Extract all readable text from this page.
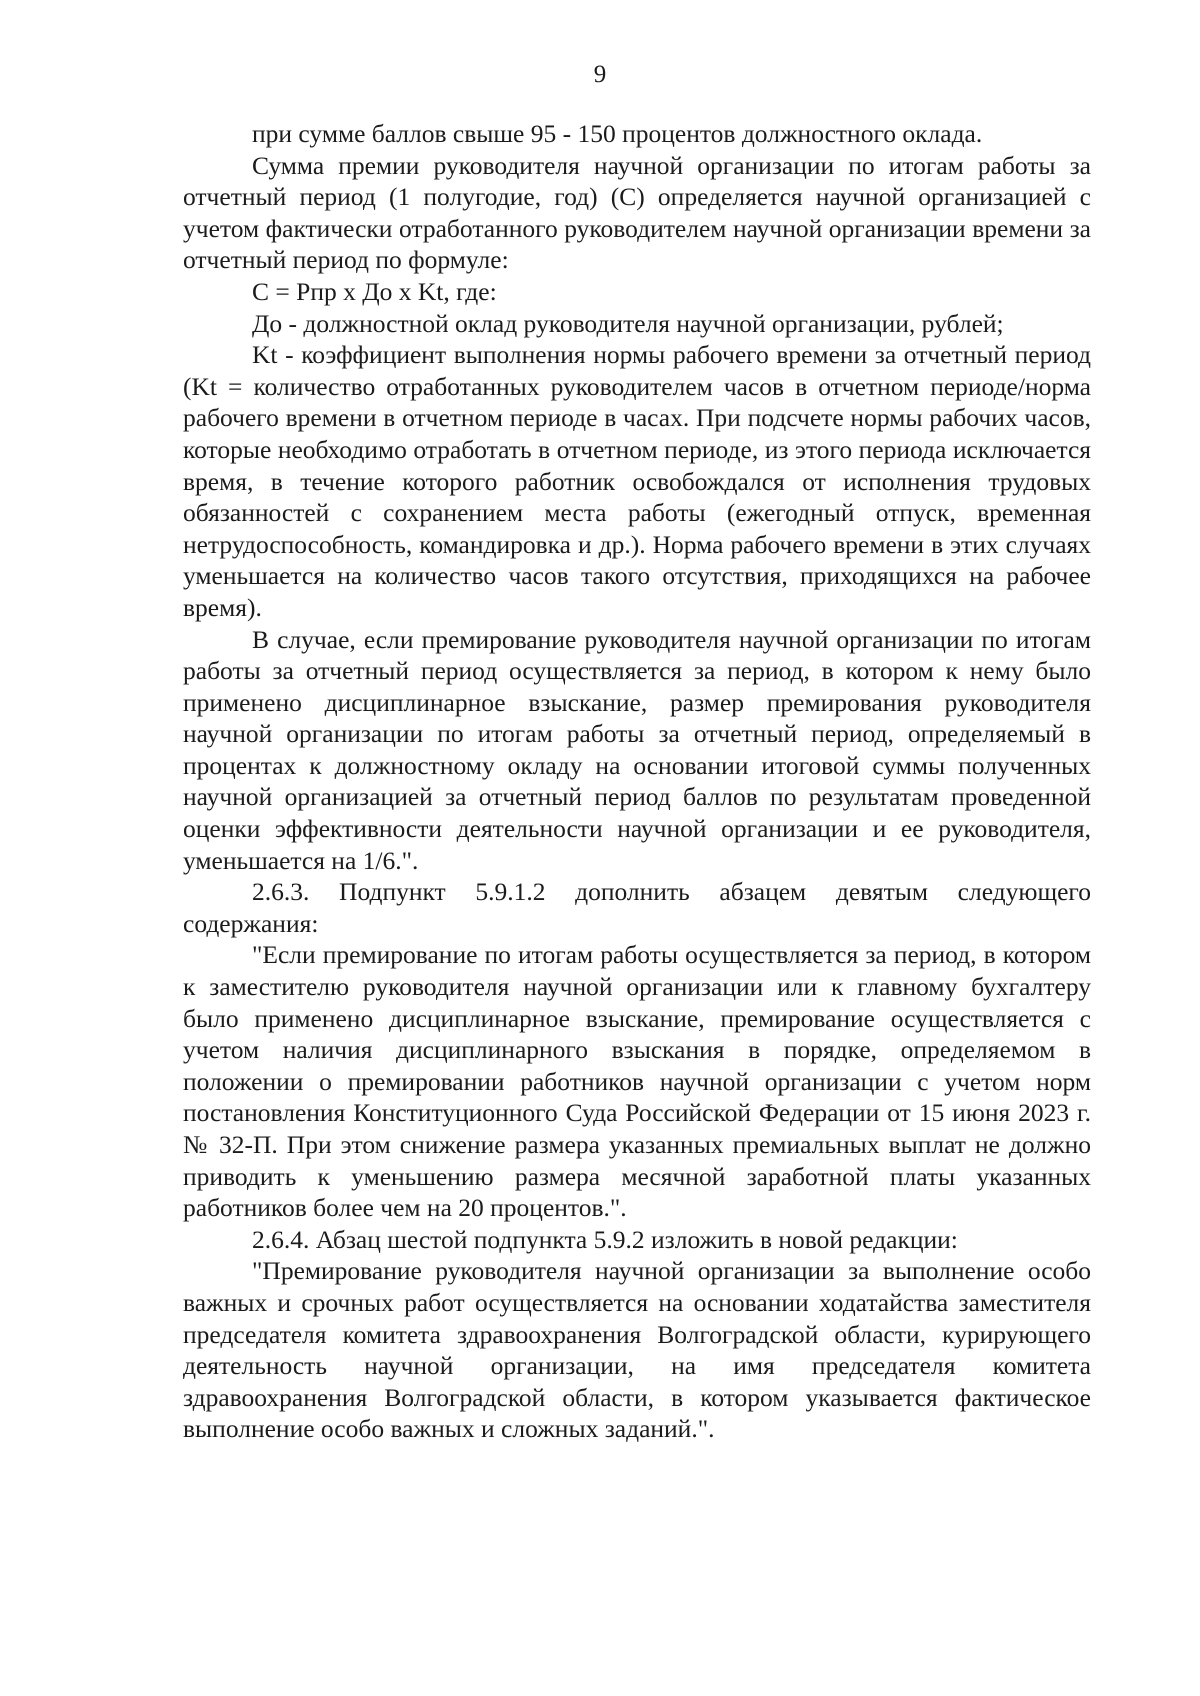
9

при сумме баллов свыше 95 - 150 процентов должностного оклада.

Сумма премии руководителя научной организации по итогам работы за отчетный период (1 полугодие, год) (С) определяется научной организацией с учетом фактически отработанного руководителем научной организации времени за отчетный период по формуле:

С = Рпр х До х Kt, где:

До - должностной оклад руководителя научной организации, рублей;

Kt - коэффициент выполнения нормы рабочего времени за отчетный период (Kt = количество отработанных руководителем часов в отчетном периоде/норма рабочего времени в отчетном периоде в часах. При подсчете нормы рабочих часов, которые необходимо отработать в отчетном периоде, из этого периода исключается время, в течение которого работник освобождался от исполнения трудовых обязанностей с сохранением места работы (ежегодный отпуск, временная нетрудоспособность, командировка и др.). Норма рабочего времени в этих случаях уменьшается на количество часов такого отсутствия, приходящихся на рабочее время).

В случае, если премирование руководителя научной организации по итогам работы за отчетный период осуществляется за период, в котором к нему было применено дисциплинарное взыскание, размер премирования руководителя научной организации по итогам работы за отчетный период, определяемый в процентах к должностному окладу на основании итоговой суммы полученных научной организацией за отчетный период баллов по результатам проведенной оценки эффективности деятельности научной организации и ее руководителя, уменьшается на 1/6.".

2.6.3. Подпункт 5.9.1.2 дополнить абзацем девятым следующего содержания:

"Если премирование по итогам работы осуществляется за период, в котором к заместителю руководителя научной организации или к главному бухгалтеру было применено дисциплинарное взыскание, премирование осуществляется с учетом наличия дисциплинарного взыскания в порядке, определяемом в положении о премировании работников научной организации с учетом норм постановления Конституционного Суда Российской Федерации от 15 июня 2023 г. № 32-П. При этом снижение размера указанных премиальных выплат не должно приводить к уменьшению размера месячной заработной платы указанных работников более чем на 20 процентов.".

2.6.4. Абзац шестой подпункта 5.9.2 изложить в новой редакции:

"Премирование руководителя научной организации за выполнение особо важных и срочных работ осуществляется на основании ходатайства заместителя председателя комитета здравоохранения Волгоградской области, курирующего деятельность научной организации, на имя председателя комитета здравоохранения Волгоградской области, в котором указывается фактическое выполнение особо важных и сложных заданий.".
